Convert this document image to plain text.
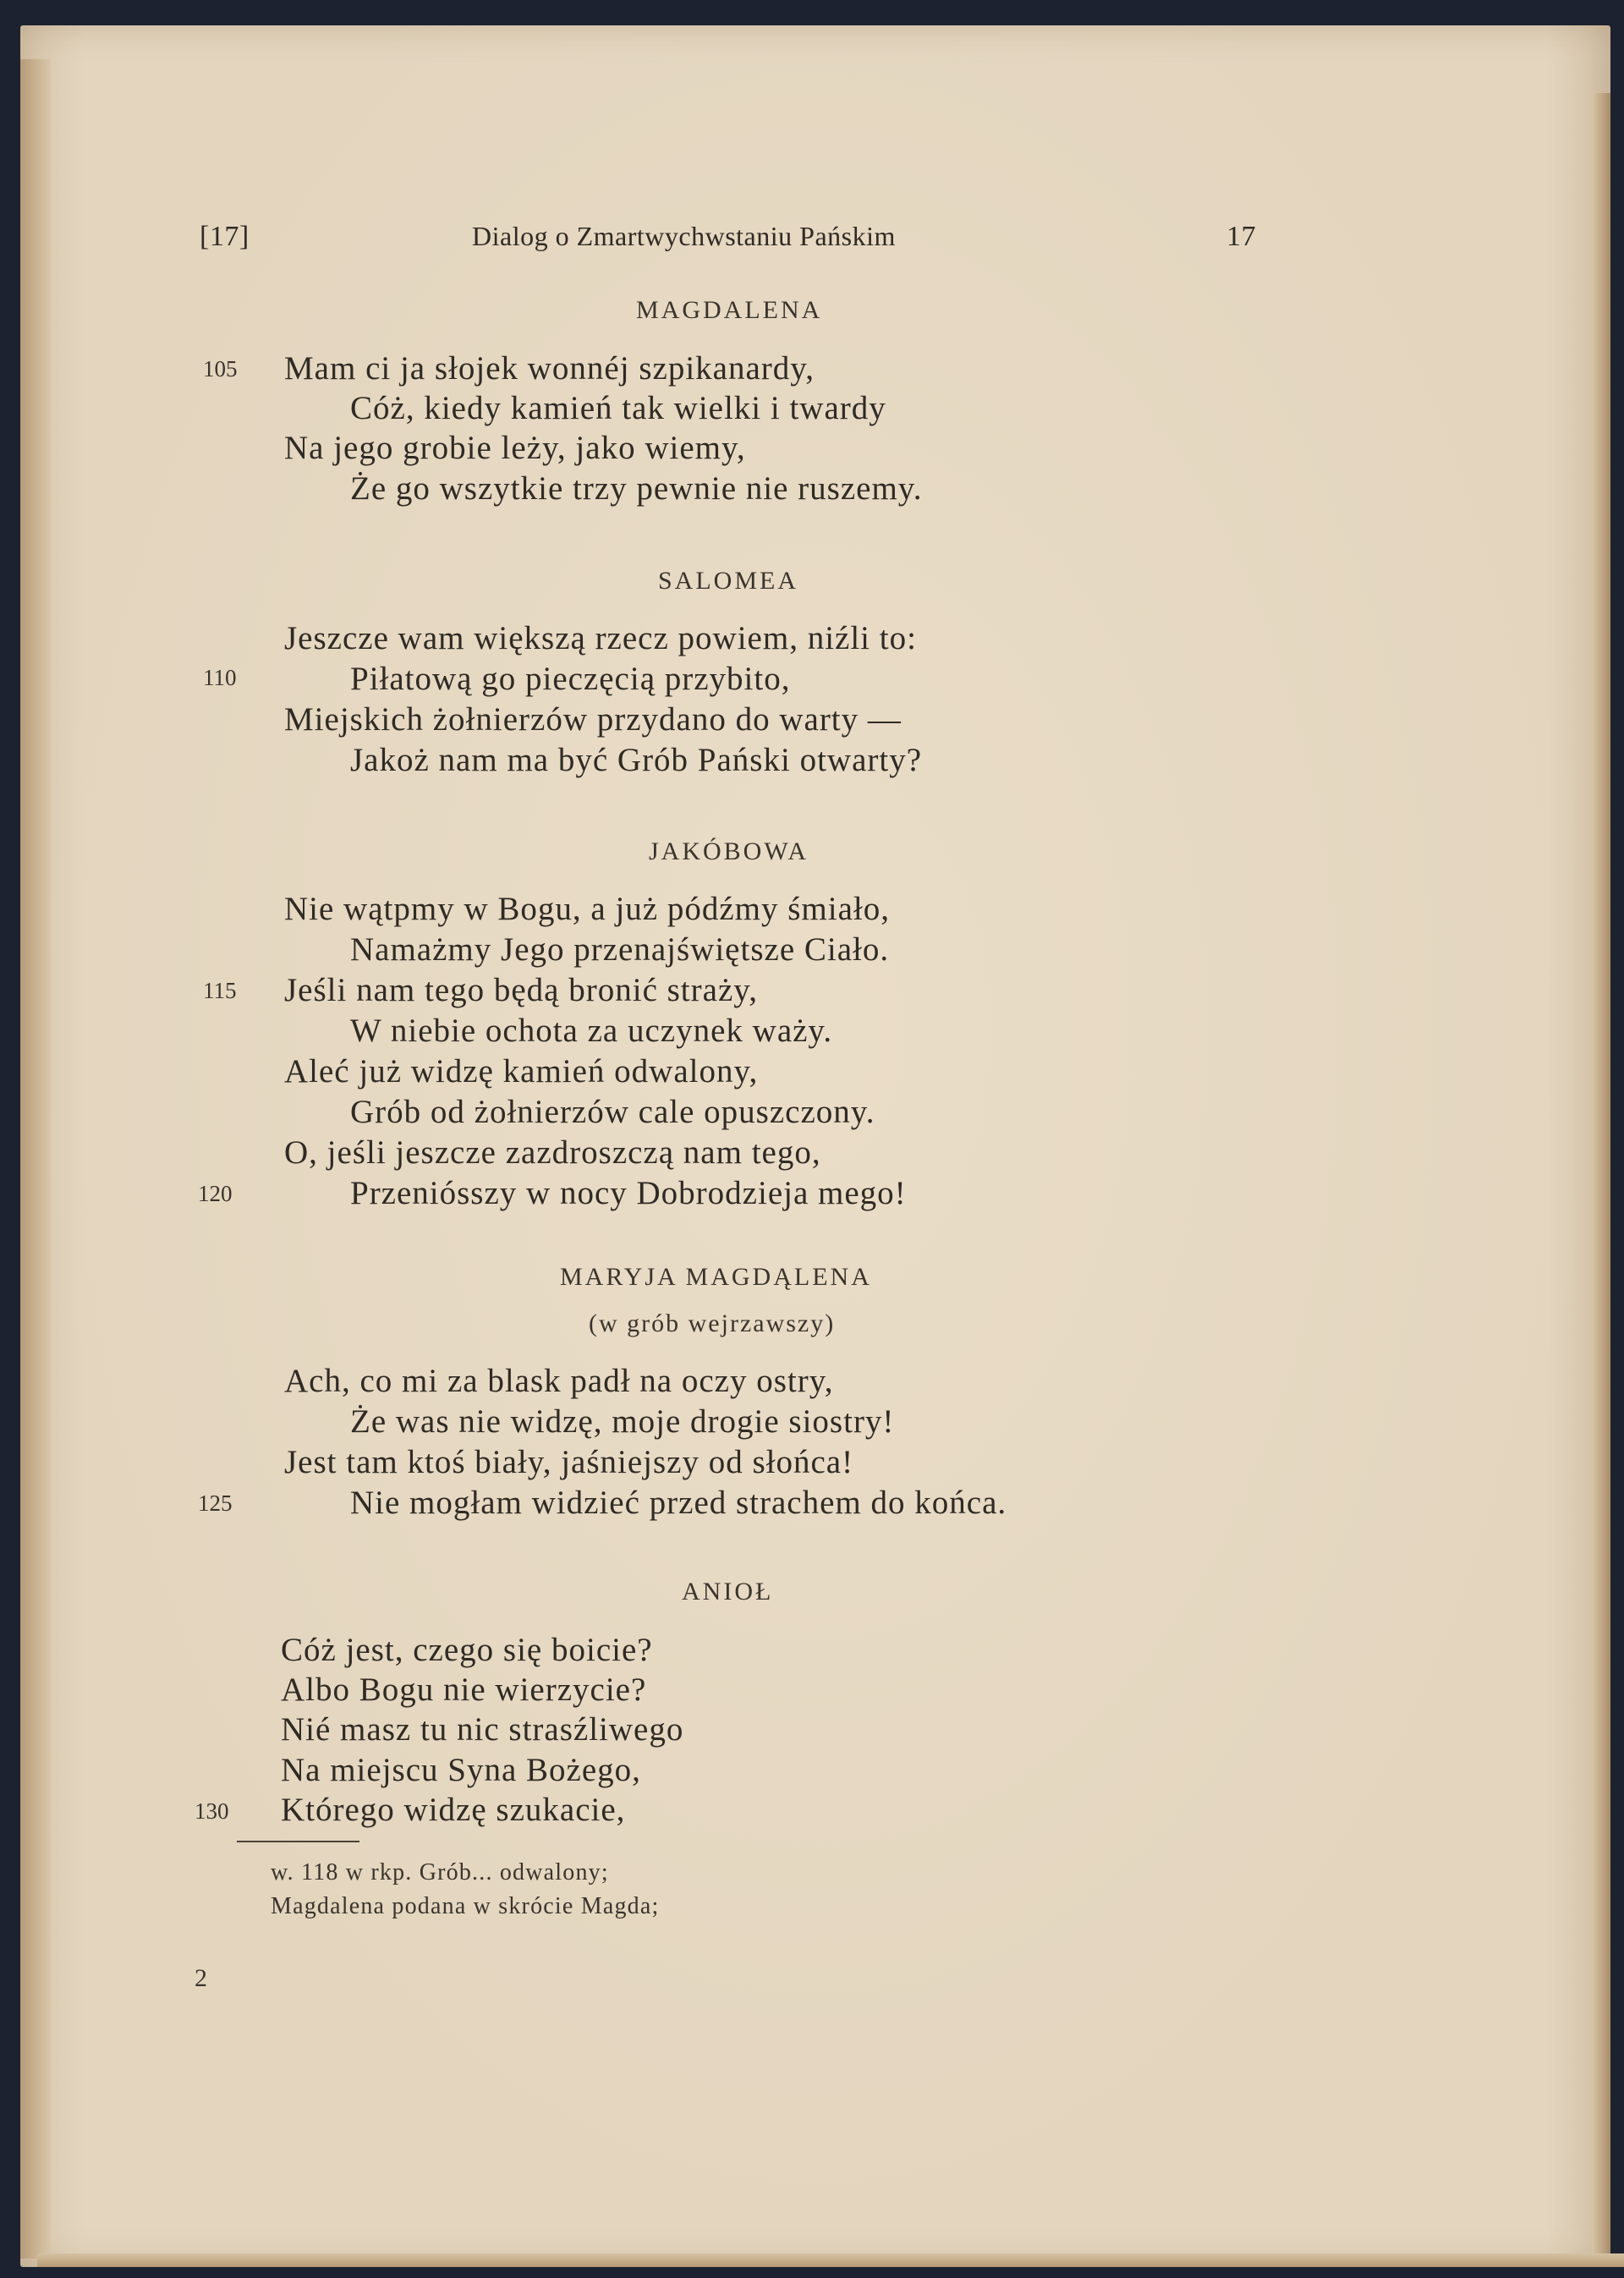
[17]	Dialog o Zmartwychwstaniu Pańskim	17
MAGDALENA
105 Mam ci ja słojek wonnéj szpikanardy,
Cóż, kiedy kamień tak wielki i twardy
Na jego grobie leży, jako wiemy,
Że go wszytkie trzy pewnie nie ruszemy.
SALOMEA
Jeszcze wam większą rzecz powiem, niźli to:
110	Piłatową go pieczęcią przybito,
Miejskich żołnierzów przydano do warty —
Jakoż nam ma być Grób Pański otwarty?
JAKÓBOWA
Nie wątpmy w Bogu, a już pódźmy śmiało,
Namażmy Jego przenajświętsze Ciało.
115 Jeśli nam tego będą bronić straży,
W niebie ochota za uczynek waży.
Aleć już widzę kamień odwalony,
Grób od żołnierzów cale opuszczony.
O, jeśli jeszcze zazdroszczą nam tego,
120	Przeniósszy w nocy Dobrodzieja mego!
MARYJA MAGDĄLENA
(w grób wejrzawszy)
Ach, co mi za blask padł na oczy ostry,
Że was nie widzę, moje drogie siostry!
Jest tam ktoś biały, jaśniejszy od słońca!
125	Nie mogłam widzieć przed strachem do końca.
ANIOŁ
Cóż jest, czego się boicie?
Albo Bogu nie wierzycie?
Nié masz tu nic strasźliwego
Na miejscu Syna Bożego,
130 Którego widzę szukacie,
w. 118 w rkp. Grób... odwalony;
Magdalena podana w skrócie Magda;
2
